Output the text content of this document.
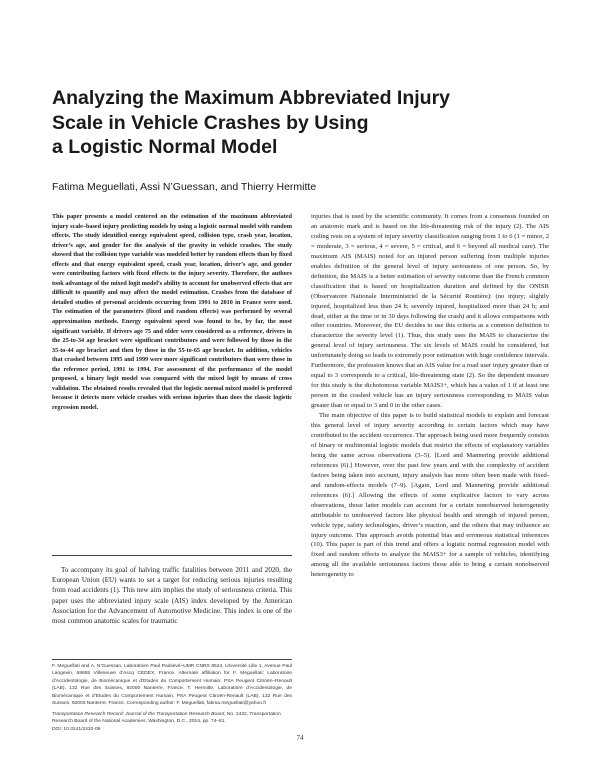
Analyzing the Maximum Abbreviated Injury
Scale in Vehicle Crashes by Using
a Logistic Normal Model

Fatima Meguellati, Assi N’Guessan, and Thierry Hermitte

This paper presents a model centered on the estimation of the maximum abbreviated injury scale–based injury predicting models by using a logistic normal model with random effects. The study identified energy equivalent speed, collision type, crash year, location, driver’s age, and gender for the analysis of the gravity in vehicle crashes. The study showed that the collision type variable was modeled better by random effects than by fixed effects and that energy equivalent speed, crash year, location, driver’s age, and gender were contributing factors with fixed effects to the injury severity. Therefore, the authors took advantage of the mixed logit model’s ability to account for unobserved effects that are difficult to quantify and may affect the model estimation. Crashes from the database of detailed studies of personal accidents occurring from 1991 to 2010 in France were used. The estimation of the parameters (fixed and random effects) was performed by several approximation methods. Energy equivalent speed was found to be, by far, the most significant variable. If drivers age 75 and older were considered as a reference, drivers in the 25-to-34 age bracket were significant contributors and were followed by those in the 35-to-44 age bracket and then by those in the 55-to-65 age bracket. In addition, vehicles that crashed between 1995 and 1999 were more significant contributors than were those in the reference period, 1991 to 1994. For assessment of the performance of the model proposed, a binary logit model was compared with the mixed logit by means of cross validation. The obtained results revealed that the logistic normal mixed model is preferred because it detects more vehicle crashes with serious injuries than does the classic logistic regression model.

To accompany its goal of halving traffic fatalities between 2011 and 2020, the European Union (EU) wants to set a target for reducing serious injuries resulting from road accidents (1). This new aim implies the study of seriousness criteria. This paper uses the abbreviated injury scale (AIS) index developed by the American Association for the Advancement of Automotive Medicine. This index is one of the most common anatomic scales for traumatic

F. Meguellati and A. N’Guessan, Laboratoire Paul Painlevé–UMR CNRS 8524, Université Lille 1, Avenue Paul Langevin, 59655 Villeneuve d’Ascq CEDEX, France. Alternate affiliation for F. Meguellati: Laboratoire d’Accidentologie, de Biomécanique et d’Etudes du Comportement Humain, PSA Peugeot Citroën–Renault (LAB), 132 Rue des Suisses, 92000 Nanterre, France. T. Hermitte, Laboratoire d’Accidentologie, de Biomécanique et d’Etudes du Comportement Humain, PSA Peugeot Citroën-Renault (LAB), 132 Rue des Suisses, 92000 Nanterre, France. Corresponding author: F. Meguellati, fatima.meguellati@yahoo.fr

Transportation Research Record: Journal of the Transportation Research Board, No. 2432, Transportation Research Board of the National Academies, Washington, D.C., 2014, pp. 74–81.
DOI: 10.3141/2432-09

injuries that is used by the scientific community. It comes from a consensus founded on an anatomic mark and is based on the life-threatening risk of the injury (2). The AIS coding rests on a system of injury severity classification ranging from 1 to 6 (1 = minor, 2 = moderate, 3 = serious, 4 = severe, 5 = critical, and 6 = beyond all medical care). The maximum AIS (MAIS) noted for an injured person suffering from multiple injuries enables definition of the general level of injury seriousness of one person. So, by definition, the MAIS is a better estimation of severity outcome than the French common classification that is based on hospitalization duration and defined by the ONISR (Observatoire Nationale Interministriel de la Sécurité Routière): (no injury; slightly injured, hospitalized less than 24 h; severely injured, hospitalized more than 24 h; and dead, either at the time or in 30 days following the crash) and it allows comparisons with other countries. Moreover, the EU decides to use this criteria as a common definition to characterize the severity level (1). Thus, this study uses the MAIS to characterize the general level of injury seriousness. The six levels of MAIS could be considered, but unfortunately doing so leads to extremely poor estimation with huge confidence intervals. Furthermore, the profession knows that an AIS value for a road user injury greater than or equal to 3 corresponds to a critical, life-threatening state (2). So the dependent measure for this study is the dichotomous variable MAIS3+, which has a value of 1 if at least one person in the crashed vehicle has an injury seriousness corresponding to MAIS value greater than or equal to 3 and 0 in the other cases.

The main objective of this paper is to build statistical models to explain and forecast this general level of injury severity according to certain factors which may have contributed to the accident occurrence. The approach being used more frequently consists of binary or multinomial logistic models that restrict the effects of explanatory variables being the same across observations (3–5). [Lord and Mannering provide additional references (6).] However, over the past few years and with the complexity of accident factors being taken into account, injury analysis has more often been made with fixed- and random-effects models (7–9). [Again, Lord and Mannering provide additional references (6).] Allowing the effects of some explicative factors to vary across observations, those latter models can account for a certain nonobserved heterogeneity attributable to unobserved factors like physical health and strength of injured person, vehicle type, safety technologies, driver’s reaction, and the others that may influence an injury outcome. This approach avoids potential bias and erroneous statistical inferences (10). This paper is part of this trend and offers a logistic normal regression model with fixed and random effects to analyze the MAIS3+ for a sample of vehicles, identifying among all the available seriousness factors those able to bring a certain nonobserved heterogeneity to

74
